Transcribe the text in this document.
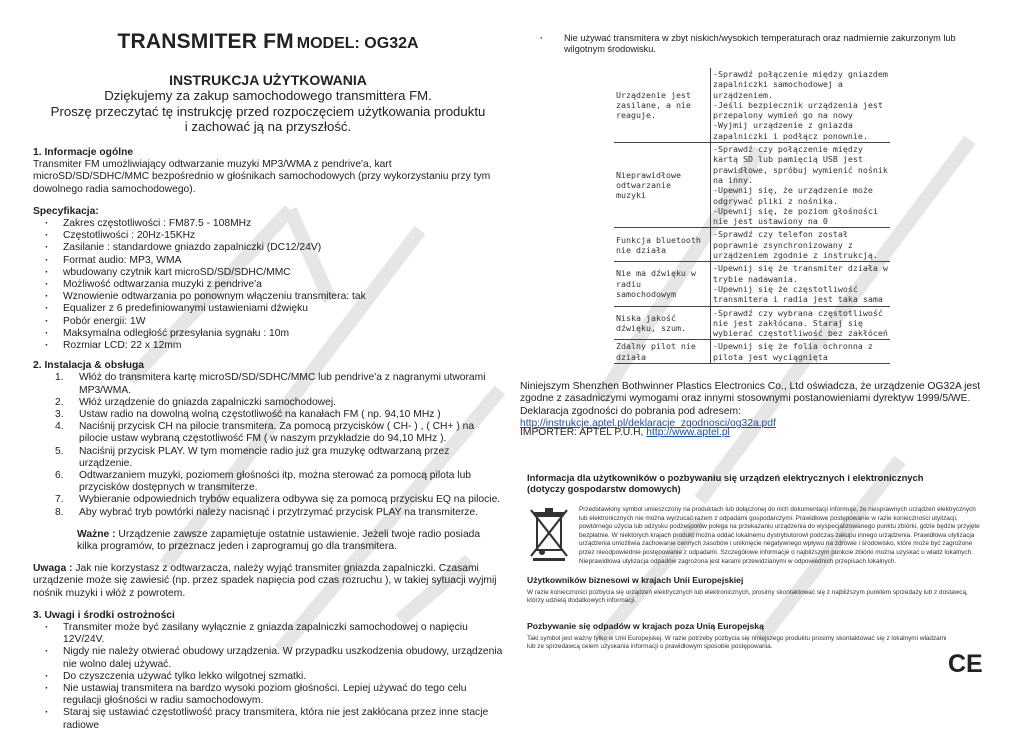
TRANSMITER FM MODEL: OG32A
INSTRUKCJA UŻYTKOWANIA
Dziękujemy za zakup samochodowego transmittera FM.
Proszę przeczytać tę instrukcję przed rozpoczęciem użytkowania produktu
i zachować ją na przyszłość.
1. Informacje ogólne

Transmiter FM umożliwiający odtwarzanie muzyki MP3/WMA z pendrive'a, kart microSD/SD/SDHC/MMC bezpośrednio w głośnikach samochodowych (przy wykorzystaniu przy tym dowolnego radia samochodowego).

Specyfikacja:
· Zakres częstotliwości : FM87.5 - 108MHz
· Częstotliwości : 20Hz-15KHz
· Zasilanie : standardowe gniazdo zapalniczki (DC12/24V)
· Format audio: MP3, WMA
· wbudowany czytnik kart microSD/SD/SDHC/MMC
· Możliwość odtwarzania muzyki z pendrive'a
· Wznowienie odtwarzania po ponownym włączeniu transmitera: tak
· Equalizer z 6 predefiniowanymi ustawieniami dźwięku
· Pobór energii: 1W
· Maksymalna odległość przesyłania sygnału : 10m
· Rozmiar LCD: 22 x 12mm
2. Instalacja & obsługa
1. Włóż do transmitera kartę microSD/SD/SDHC/MMC lub pendrive'a z nagranymi utworami MP3/WMA.
2. Włóż urządzenie do gniazda zapalniczki samochodowej.
3. Ustaw radio na dowolną wolną częstotliwość na kanałach FM ( np. 94,10 MHz )
4. Naciśnij przycisk CH na pilocie transmitera. Za pomocą przycisków ( CH- ) , ( CH+ ) na pilocie ustaw wybraną częstotliwość FM ( w naszym przykładzie do 94,10 MHz ).
5. Naciśnij przycisk PLAY. W tym momencie radio już gra muzykę odtwarzaną przez urządzenie.
6. Odtwarzaniem muzyki, poziomem głośności itp. można sterować za pomocą pilota lub przycisków dostępnych w transmiterze.
7. Wybieranie odpowiednich trybów equalizera odbywa się za pomocą przycisku EQ na pilocie.
8. Aby wybrać tryb powtórki należy nacisnąć i przytrzymać przycisk PLAY na transmiterze.
Ważne : Urządzenie zawsze zapamiętuje ostatnie ustawienie. Jeżeli twoje radio posiada kilka programów, to przeznacz jeden i zaprogramuj go dla transmitera.
Uwaga : Jak nie korzystasz z odtwarzacza, należy wyjąć transmiter gniazda zapalniczki. Czasami urządzenie może się zawiesić (np. przez spadek napięcia pod czas rozruchu ), w takiej sytuacji wyjmij nośnik muzyki i włóż z powrotem.
3. Uwagi i środki ostrożności
· Transmiter może być zasilany wyłącznie z gniazda zapalniczki samochodowej o napięciu 12V/24V.
· Nigdy nie należy otwierać obudowy urządzenia. W przypadku uszkodzenia obudowy, urządzenia nie wolno dalej używać.
· Do czyszczenia używać tylko lekko wilgotnej szmatki.
· Nie ustawiaj transmitera na bardzo wysoki poziom głośności. Lepiej używać do tego celu regulacji głośności w radiu samochodowym.
· Staraj się ustawiać częstotliwość pracy transmitera, która nie jest zakłócana przez inne stacje radiowe
· Nie używać transmitera w zbyt niskich/wysokich temperaturach oraz nadmiernie zakurzonym lub wilgotnym środowisku.
Urządzenie jest zasilane, a nie reaguje.	-Sprawdź połączenie między gniazdem zapalniczki samochodowej a urządzeniem.
-Jeśli bezpiecznik urządzenia jest przepalony wymień go na nowy
-Wyjmij urządzenie z gniazda zapalniczki i podłącz ponownie.
Nieprawidłowe odtwarzanie muzyki	-Sprawdź czy połączenie między kartą SD lub pamięcią USB jest prawidłowe, spróbuj wymienić nośnik na inny.
-Upewnij się, że urządzenie może odgrywać pliki z nośnika.
-Upewnij się, że poziom głośności nie jest ustawiony na 0
Funkcja bluetooth nie działa	-Sprawdź czy telefon został poprawnie zsynchronizowany z urządzeniem zgodnie z instrukcją.
Nie ma dźwięku w radiu samochodowym	-Upewnij się że transmiter działa w trybie nadawania.
-Upewnij się że częstotliwość transmitera i radia jest taka sama
Niska jakość dźwięku, szum.	-Sprawdź czy wybrana częstotliwość nie jest zakłócana. Staraj się wybierać częstotliwość bez zakłóceń
Zdalny pilot nie działa	-Upewnij się że folia ochronna z pilota jest wyciągnięta
Niniejszym Shenzhen Bothwinner Plastics Electronics Co., Ltd oświadcza, że urządzenie OG32A jest
zgodne z zasadniczymi wymogami oraz innymi stosownymi postanowieniami dyrektyw 1999/5/WE.
Deklaracja zgodności do pobrania pod adresem: http://instrukcje.aptel.pl/deklaracje_zgodnosci/og32a.pdf
IMPORTER: APTEL P.U.H, http://www.aptel.pl
Informacja dla użytkowników o pozbywaniu się urządzeń elektrycznych i elektronicznych
(dotyczy gospodarstw domowych)

Przedstawiony symbol umieszczony na produktach lub dołączonej do nich dokumentacji informuje, że niesprawnych urządzeń elektrycznych lub elektronicznych nie można wyrzucać razem z odpadami gospodarczymi. Prawidłowe postępowanie w razie konieczności utylizacji, powtórnego użycia lub odzysku podzespołów polega na przekazaniu urządzenia do wyspecjalizowanego punktu zbiórki, gdzie będzie przyjęte bezpłatnie. W niektórych krajach produkt można oddać lokalnemu dystrybutorowi podczas zakupu innego urządzenia. Prawidłowa utylizacja urządzenia umożliwia zachowanie cennych zasobów i uniknięcie negatywnego wpływu na zdrowie i środowisko, które może być zagrożone przez nieodpowiednie postępowanie z odpadami. Szczegółowe informacje o najbliższym punkcie zbiórki można uzyskać u władz lokalnych. Nieprawidłowa utylizacja odpadów zagrożona jest karami przewidzianymi w odpowiednich przepisach lokalnych.

Użytkowników biznesowi w krajach Unii Europejskiej

W razie konieczności pozbycia się urządzeń elektrycznych lub elektronicznych, prosimy skontaktować się z najbliższym punktem sprzedaży lub z dostawcą, którzy udzielą dodatkowych informacji.

Pozbywanie się odpadów w krajach poza Unią Europejską

Taki symbol jest ważny tylko w Unii Europejskej. W razie potrzeby pozbycia się niniejszego produktu prosimy skontaktować się z lokalnymi władzami lub ze sprzedawcą celem uzyskania informacji o prawidłowym sposobie postępowania.

CE
